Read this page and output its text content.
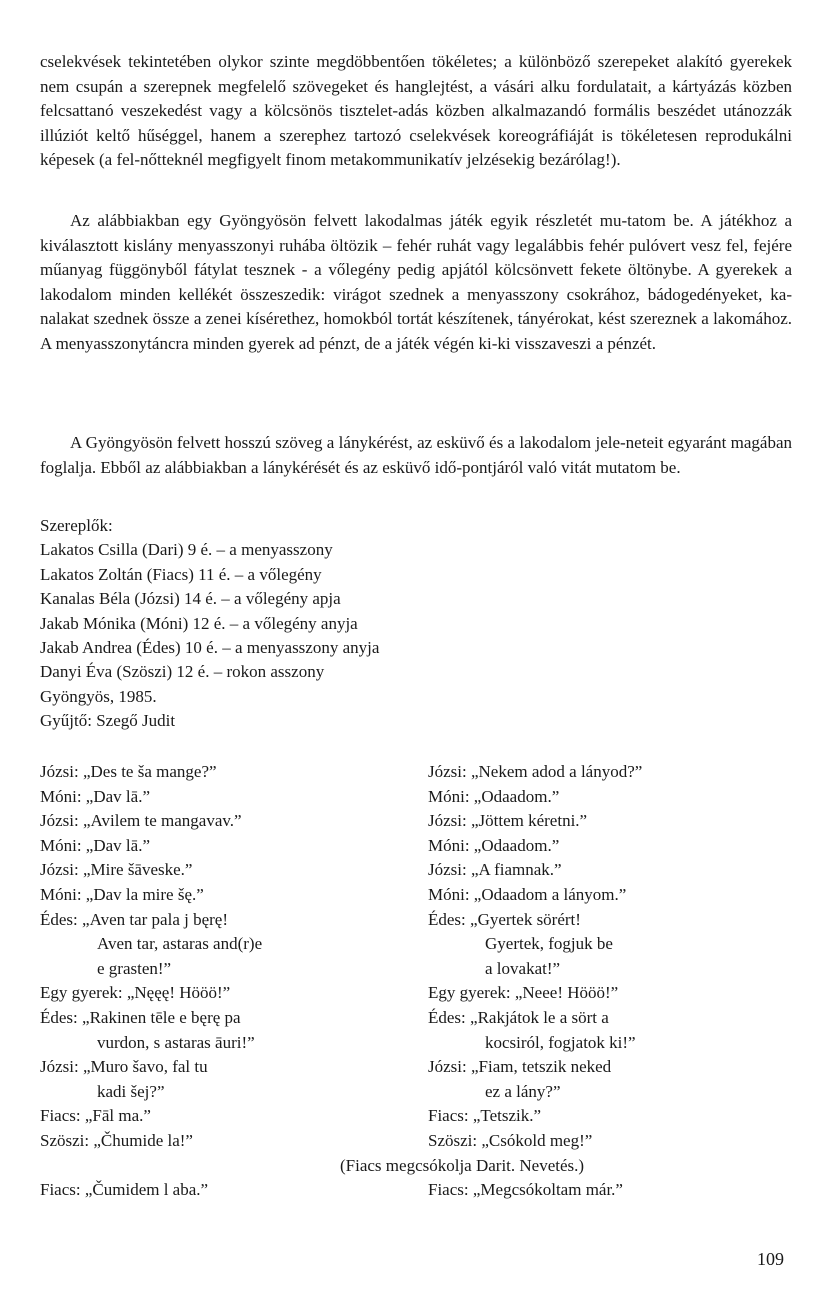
cselekvések tekintetében olykor szinte megdöbbentően tökéletes; a különböző szerepeket alakító gyerekek nem csupán a szerepnek megfelelő szövegeket és hanglejtést, a vásári alku fordulatait, a kártyázás közben felcsattanó veszekedést vagy a kölcsönös tisztelet-adás közben alkalmazandó formális beszédet utánozzák illúziót keltő hűséggel, hanem a szerephez tartozó cselekvések koreográfiáját is tökéletesen reprodukálni képesek (a fel-nőtteknél megfigyelt finom metakommunikatív jelzésekig bezárólag!).

Az alábbiakban egy Gyöngyösön felvett lakodalmas játék egyik részletét mu-tatom be. A játékhoz a kiválasztott kislány menyasszonyi ruhába öltözik – fehér ruhát vagy legalábbis fehér pulóvert vesz fel, fejére műanyag függönyből fátylat tesznek - a vőlegény pedig apjától kölcsönvett fekete öltönybe. A gyerekek a lakodalom minden kellékét összeszedik: virágot szednek a menyasszony csokrához, bádogedényeket, ka-nalakat szednek össze a zenei kísérethez, homokból tortát készítenek, tányérokat, kést szereznek a lakomához. A menyasszonytáncra minden gyerek ad pénzt, de a játék végén ki-ki visszaveszi a pénzét.

A Gyöngyösön felvett hosszú szöveg a lánykérést, az esküvő és a lakodalom jele-neteit egyaránt magában foglalja. Ebből az alábbiakban a lánykérését és az esküvő idő-pontjáról való vitát mutatom be.

Szereplők:
Lakatos Csilla (Dari) 9 é. – a menyasszony
Lakatos Zoltán (Fiacs) 11 é. – a vőlegény
Kanalas Béla (Józsi) 14 é. – a vőlegény apja
Jakab Mónika (Móni) 12 é. – a vőlegény anyja
Jakab Andrea (Édes) 10 é. – a menyasszony anyja
Danyi Éva (Szöszi) 12 é. – rokon asszony
Gyöngyös, 1985.
Gyűjtő: Szegő Judit
Józsi: „Des te ša mange?”
Móni: „Dav lā.”
Józsi: „Avilem te mangavav.”
Móni: „Dav lā.”
Józsi: „Mire šāveske.”
Móni: „Dav la mire šę.”
Édes: „Aven tar pala j bęrę!
Aven tar, astaras and(r)e
e grasten!”
Egy gyerek: „Nęęę! Hööö!”
Édes: „Rakinen tēle e bęrę pa
vurdon, s astaras āuri!”
Józsi: „Muro šavo, fal tu
kadi šej?”
Fiacs: „Fāl ma.”
Szöszi: „Čhumide la!”
Fiacs: „Čumidem l aba.”
Józsi: „Nekem adod a lányod?”
Móni: „Odaadom.”
Józsi: „Jöttem kéretni.”
Móni: „Odaadom.”
Józsi: „A fiamnak.”
Móni: „Odaadom a lányom.”
Édes: „Gyertek sörért!
Gyertek, fogjuk be
a lovakat!”
Egy gyerek: „Neee! Hööö!”
Édes: „Rakjátok le a sört a
kocsiról, fogjatok ki!”
Józsi: „Fiam, tetszik neked
ez a lány?”
Fiacs: „Tetszik.”
Szöszi: „Csókold meg!”
(Fiacs megcsókolja Darit. Nevetés.)
Fiacs: „Megcsókoltam már.”
109
